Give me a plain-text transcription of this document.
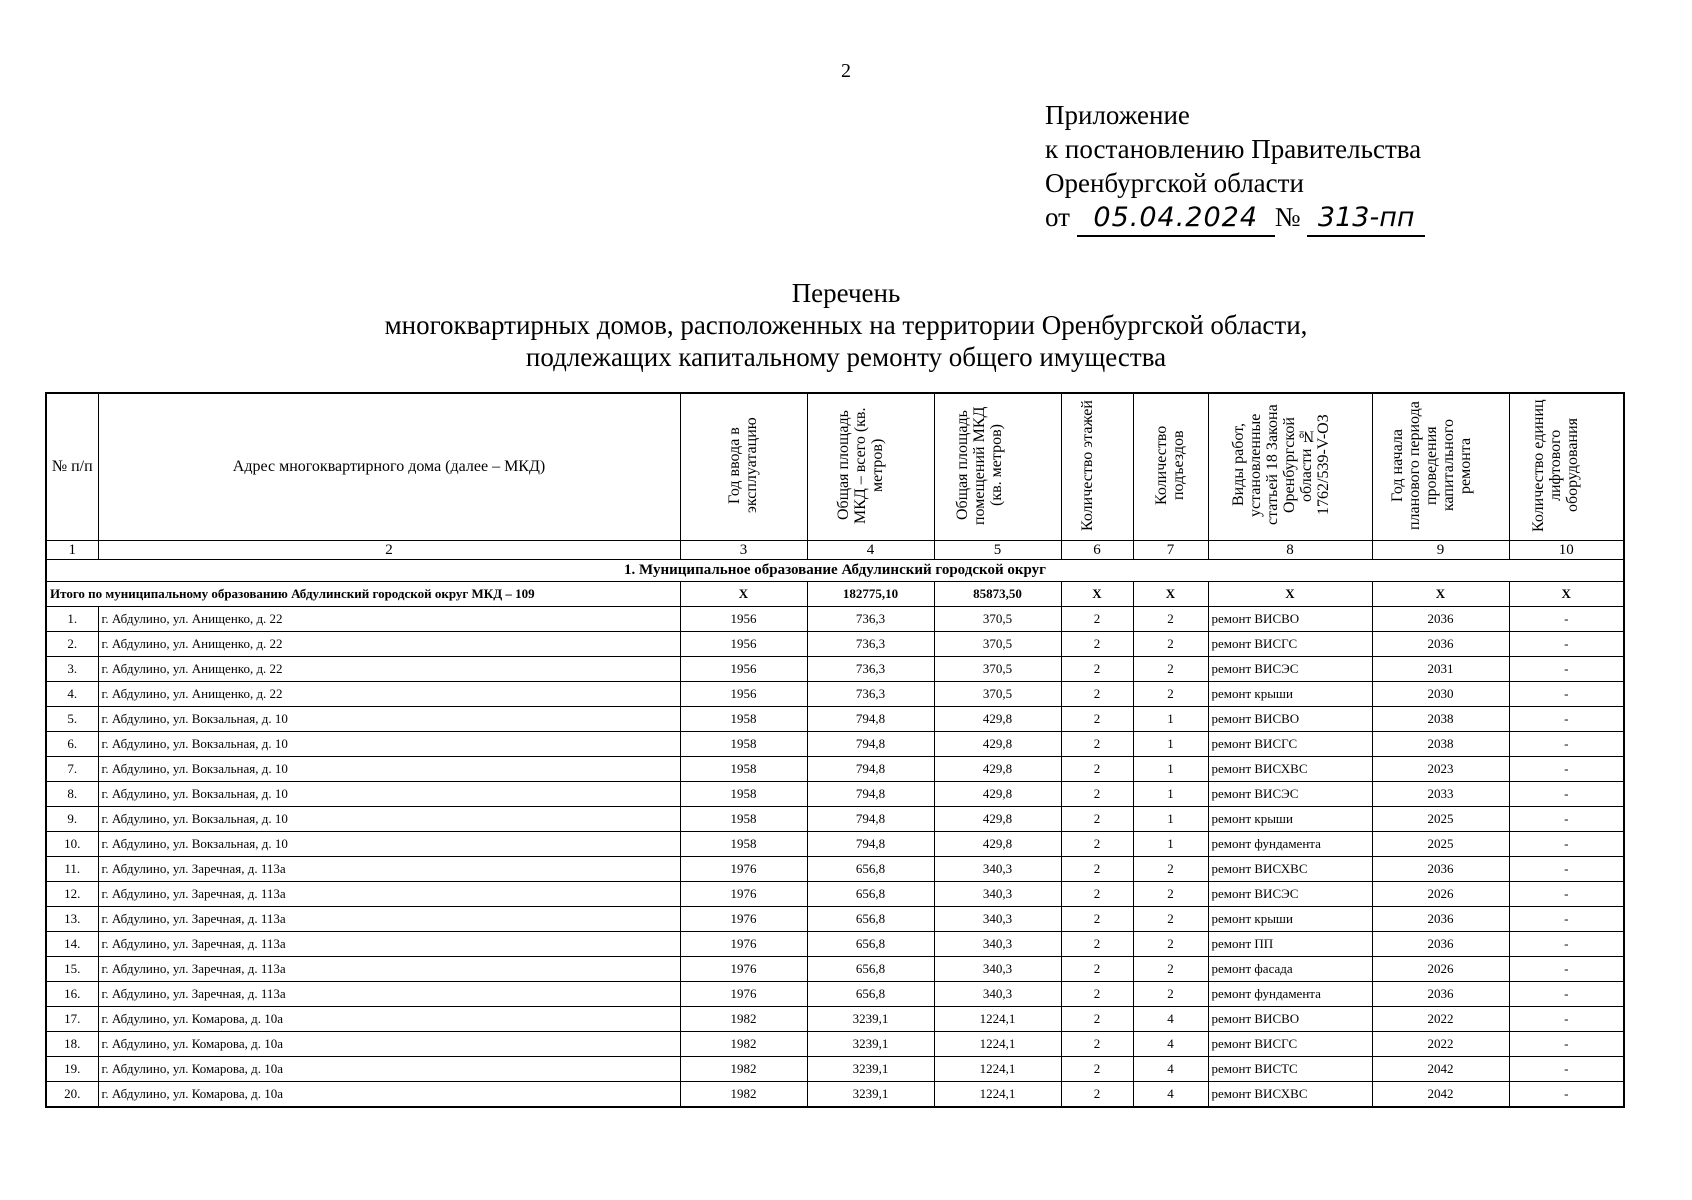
2
Приложение
к постановлению Правительства
Оренбургской области
от 05.04.2024 № 313-пп
Перечень
многоквартирных домов, расположенных на территории Оренбургской области,
подлежащих капитальному ремонту общего имущества
№ п/п	Адрес многоквартирного дома (далее – МКД)	Год ввода в эксплуатацию	Общая площадь МКД – всего (кв. метров)	Общая площадь помещений МКД (кв. метров)	Количество этажей	Количество подъездов	Виды работ, установленные статьей 18 Закона Оренбургской области № 1762/539-V-ОЗ	Год начала планового периода проведения капитального ремонта	Количество единиц лифтового оборудования
1	2	3	4	5	6	7	8	9	10
1. Муниципальное образование Абдулинский городской округ									
Итого по муниципальному образованию Абдулинский городской округ МКД – 109		X	182775,10	85873,50	X	X	X	X	X
1.	г. Абдулино, ул. Анищенко, д. 22	1956	736,3	370,5	2	2	ремонт ВИСВО	2036	-
2.	г. Абдулино, ул. Анищенко, д. 22	1956	736,3	370,5	2	2	ремонт ВИСГС	2036	-
3.	г. Абдулино, ул. Анищенко, д. 22	1956	736,3	370,5	2	2	ремонт ВИСЭС	2031	-
4.	г. Абдулино, ул. Анищенко, д. 22	1956	736,3	370,5	2	2	ремонт крыши	2030	-
5.	г. Абдулино, ул. Вокзальная, д. 10	1958	794,8	429,8	2	1	ремонт ВИСВО	2038	-
6.	г. Абдулино, ул. Вокзальная, д. 10	1958	794,8	429,8	2	1	ремонт ВИСГС	2038	-
7.	г. Абдулино, ул. Вокзальная, д. 10	1958	794,8	429,8	2	1	ремонт ВИСХВС	2023	-
8.	г. Абдулино, ул. Вокзальная, д. 10	1958	794,8	429,8	2	1	ремонт ВИСЭС	2033	-
9.	г. Абдулино, ул. Вокзальная, д. 10	1958	794,8	429,8	2	1	ремонт крыши	2025	-
10.	г. Абдулино, ул. Вокзальная, д. 10	1958	794,8	429,8	2	1	ремонт фундамента	2025	-
11.	г. Абдулино, ул. Заречная, д. 113а	1976	656,8	340,3	2	2	ремонт ВИСХВС	2036	-
12.	г. Абдулино, ул. Заречная, д. 113а	1976	656,8	340,3	2	2	ремонт ВИСЭС	2026	-
13.	г. Абдулино, ул. Заречная, д. 113а	1976	656,8	340,3	2	2	ремонт крыши	2036	-
14.	г. Абдулино, ул. Заречная, д. 113а	1976	656,8	340,3	2	2	ремонт ПП	2036	-
15.	г. Абдулино, ул. Заречная, д. 113а	1976	656,8	340,3	2	2	ремонт фасада	2026	-
16.	г. Абдулино, ул. Заречная, д. 113а	1976	656,8	340,3	2	2	ремонт фундамента	2036	-
17.	г. Абдулино, ул. Комарова, д. 10а	1982	3239,1	1224,1	2	4	ремонт ВИСВО	2022	-
18.	г. Абдулино, ул. Комарова, д. 10а	1982	3239,1	1224,1	2	4	ремонт ВИСГС	2022	-
19.	г. Абдулино, ул. Комарова, д. 10а	1982	3239,1	1224,1	2	4	ремонт ВИСТС	2042	-
20.	г. Абдулино, ул. Комарова, д. 10а	1982	3239,1	1224,1	2	4	ремонт ВИСХВС	2042	-
